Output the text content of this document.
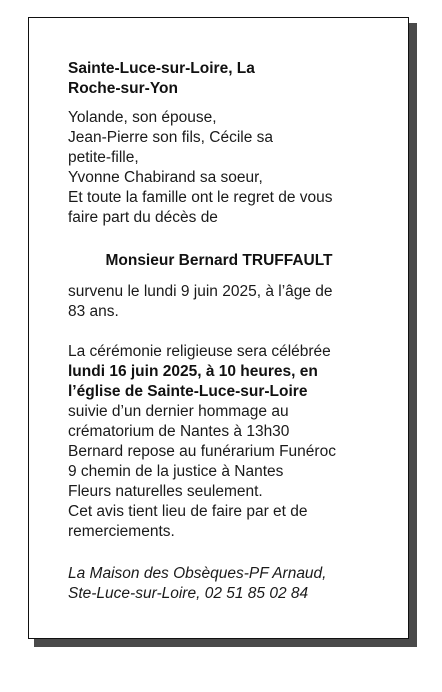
Sainte-Luce-sur-Loire, La
Roche-sur-Yon
Yolande, son épouse,
Jean-Pierre son fils, Cécile sa
petite-fille,
Yvonne Chabirand sa soeur,
Et toute la famille ont le regret de vous
faire part du décès de
Monsieur Bernard TRUFFAULT
survenu le lundi 9 juin 2025, à l’âge de
83 ans.
La cérémonie religieuse sera célébrée
lundi 16 juin 2025, à 10 heures, en
l’église de Sainte-Luce-sur-Loire
suivie d’un dernier hommage au
crématorium de Nantes à 13h30
Bernard repose au funérarium Funéroc
9 chemin de la justice à Nantes
Fleurs naturelles seulement.
Cet avis tient lieu de faire par et de
remerciements.
La Maison des Obsèques-PF Arnaud,
Ste-Luce-sur-Loire, 02 51 85 02 84
